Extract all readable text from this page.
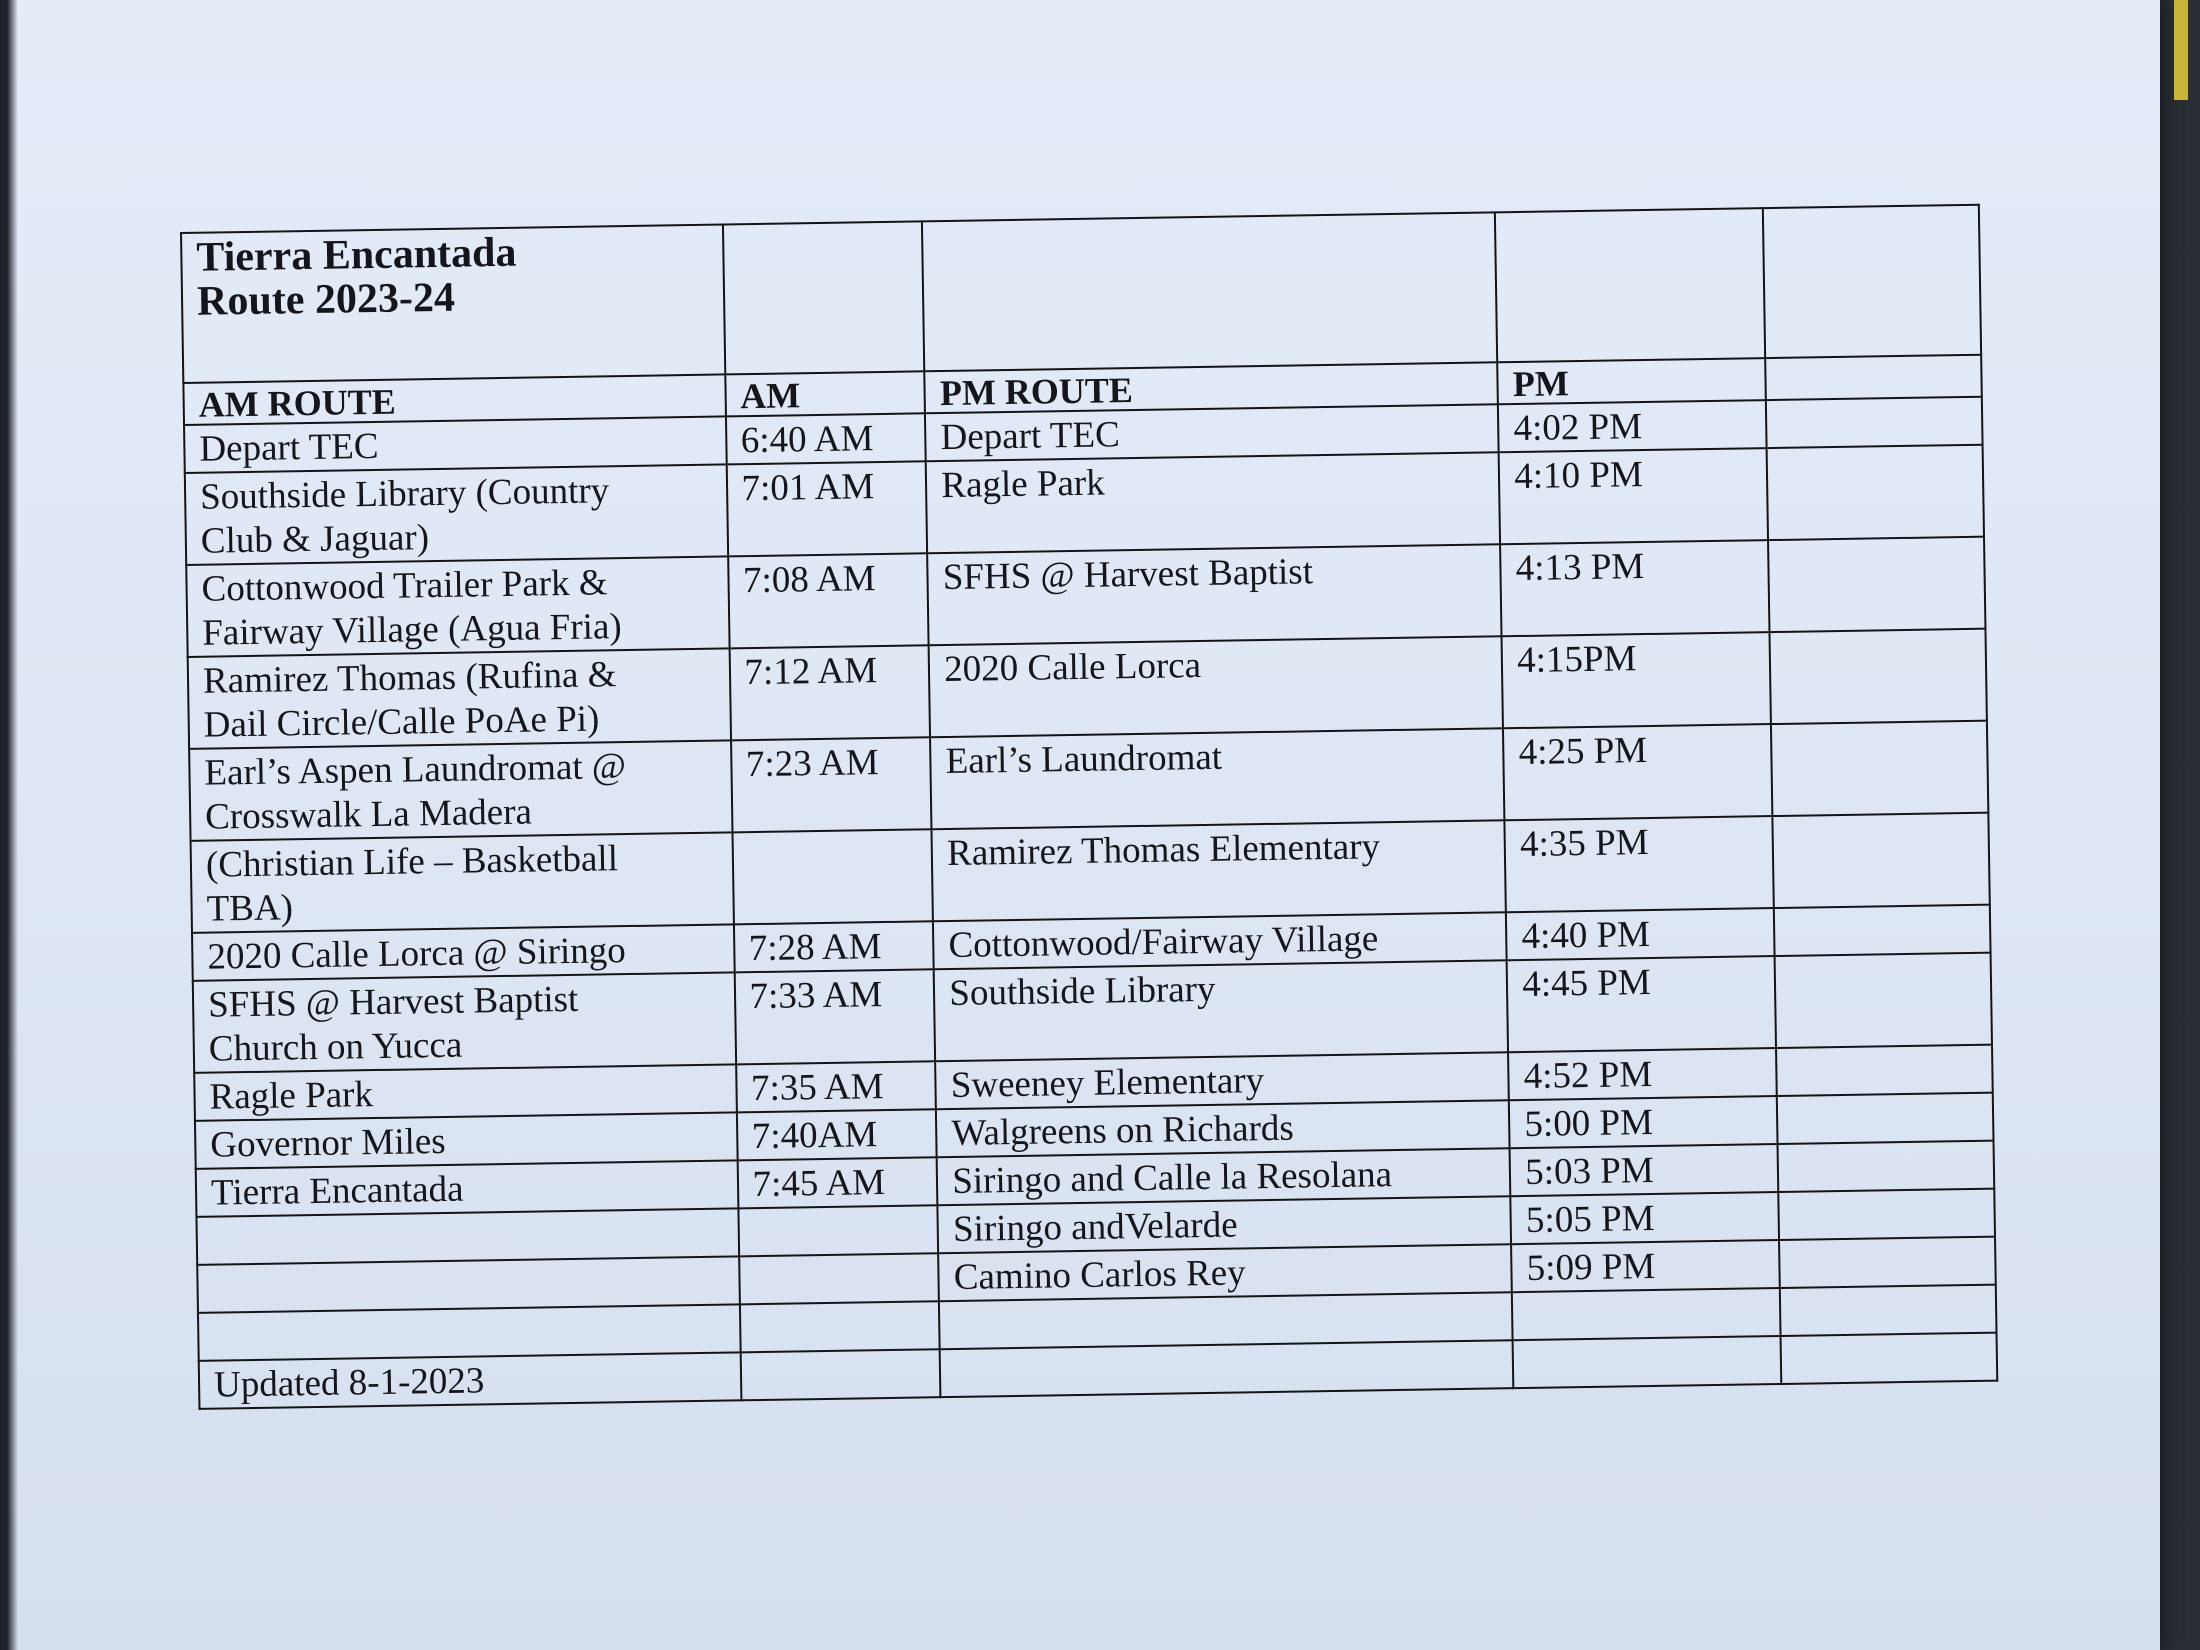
Tierra Encantada
Route 2023-24				

AM ROUTE	AM	PM ROUTE	PM	
Depart TEC	6:40 AM	Depart TEC	4:02 PM	
Southside Library (Country
Club & Jaguar)	7:01 AM	Ragle Park	4:10 PM	
Cottonwood Trailer Park &
Fairway Village (Agua Fria)	7:08 AM	SFHS @ Harvest Baptist	4:13 PM	
Ramirez Thomas (Rufina &
Dail Circle/Calle PoAe Pi)	7:12 AM	2020 Calle Lorca	4:15PM	
Earl’s Aspen Laundromat @
Crosswalk La Madera	7:23 AM	Earl’s Laundromat	4:25 PM	
(Christian Life – Basketball
TBA)		Ramirez Thomas Elementary	4:35 PM	
2020 Calle Lorca @ Siringo	7:28 AM	Cottonwood/Fairway Village	4:40 PM	
SFHS @ Harvest Baptist
Church on Yucca	7:33 AM	Southside Library	4:45 PM	
Ragle Park	7:35 AM	Sweeney Elementary	4:52 PM	
Governor Miles	7:40AM	Walgreens on Richards	5:00 PM	
Tierra Encantada	7:45 AM	Siringo and Calle la Resolana	5:03 PM	
		Siringo andVelarde	5:05 PM	
		Camino Carlos Rey	5:09 PM	

Updated 8-1-2023				
